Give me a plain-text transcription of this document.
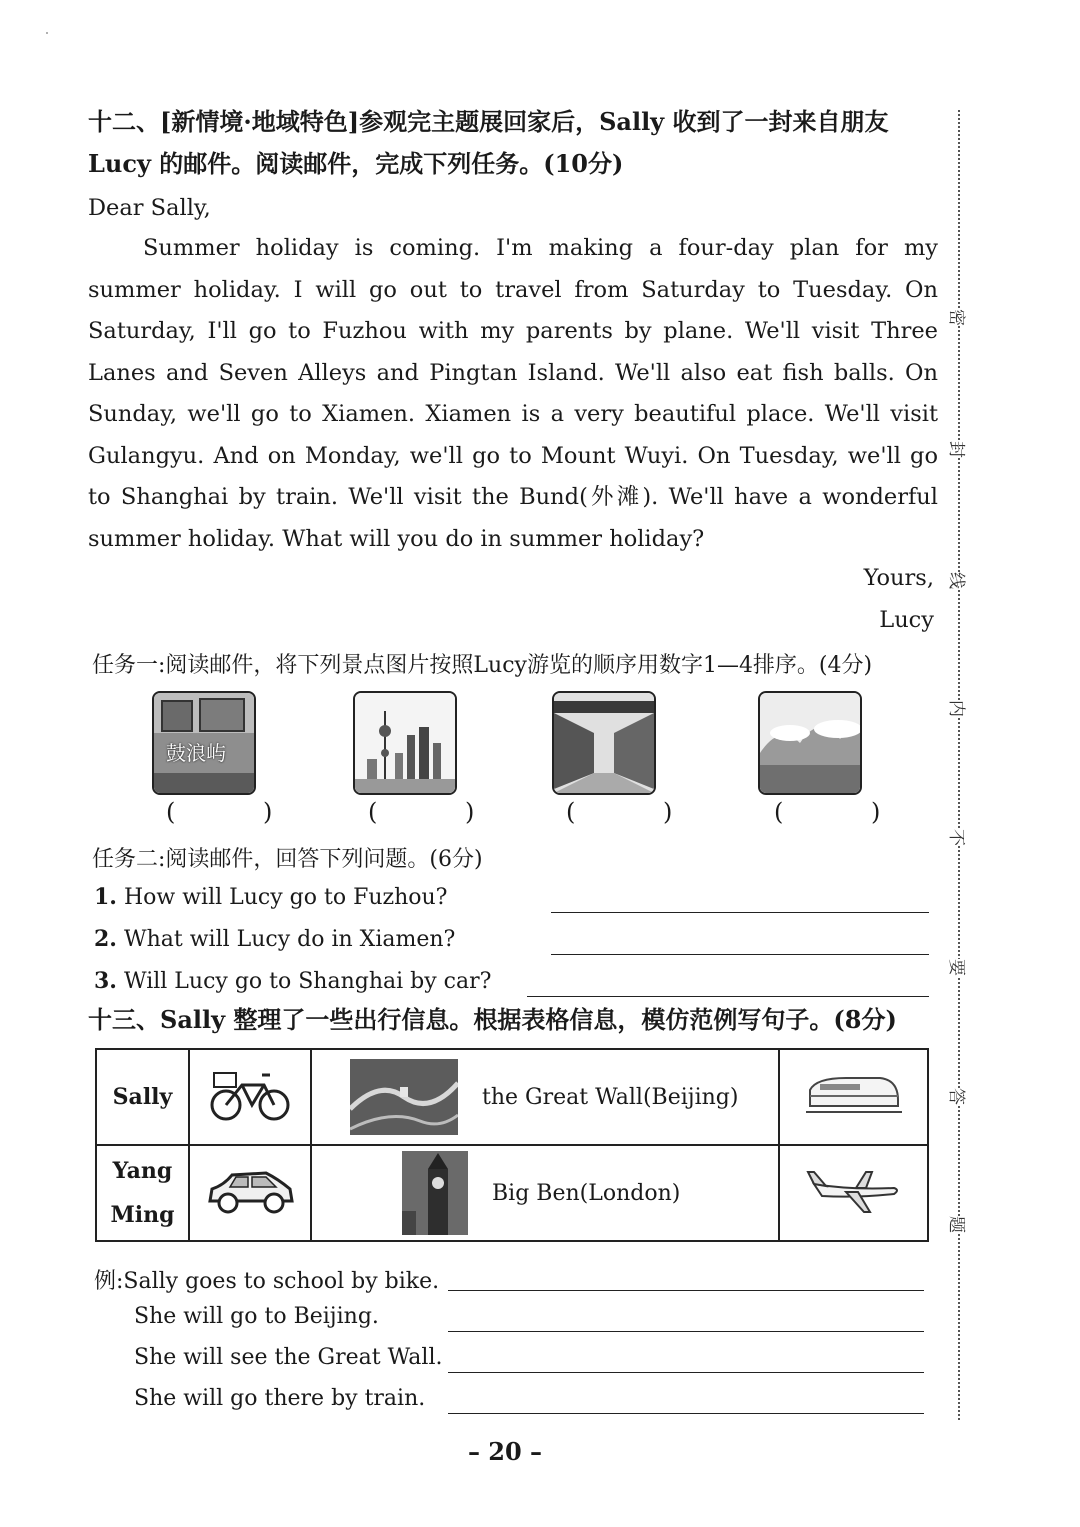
十二、[新情境·地域特色]参观完主题展回家后，Sally 收到了一封来自朋友
Lucy 的邮件。阅读邮件，完成下列任务。(10分)
Dear Sally,
Summer holiday is coming. I'm making a four-day plan for my summer holiday. I will go out to travel from Saturday to Tuesday. On Saturday, I'll go to Fuzhou with my parents by plane. We'll visit Three Lanes and Seven Alleys and Pingtan Island. We'll also eat fish balls. On Sunday, we'll go to Xiamen. Xiamen is a very beautiful place. We'll visit Gulangyu. And on Monday, we'll go to Mount Wuyi. On Tuesday, we'll go to Shanghai by train. We'll visit the Bund(外滩). We'll have a wonderful summer holiday. What will you do in summer holiday?
Yours,
Lucy
任务一:阅读邮件，将下列景点图片按照Lucy游览的顺序用数字1—4排序。(4分)
鼓浪屿
( ) ( ) ( )	( )
任务二:阅读邮件，回答下列问题。(6分)
1. How will Lucy go to Fuzhou?
2. What will Lucy do in Xiamen?
3. Will Lucy go to Shanghai by car?
十三、Sally 整理了一些出行信息。根据表格信息，模仿范例写句子。(8分)
Sally		the Great Wall(Beijing)

Yang
Ming		Big Ben(London)

例:Sally goes to school by bike.
She will go to Beijing.
She will see the Great Wall.
She will go there by train.
密
封
线
内
不
要
答
题
– 20 –
